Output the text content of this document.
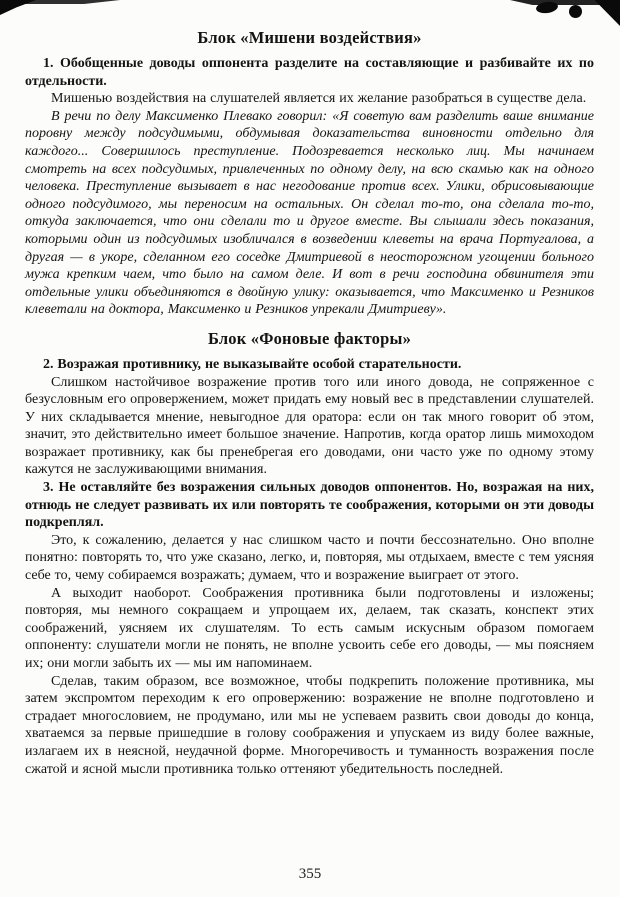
Блок «Мишени воздействия»

1. Обобщенные доводы оппонента разделите на составляющие и разбивайте их по отдельности.

Мишенью воздействия на слушателей является их желание разобраться в существе дела.

В речи по делу Максименко Плевако говорил: «Я советую вам разделить ваше внимание поровну между подсудимыми, обдумывая доказательства виновности отдельно для каждого... Совершилось преступление. Подозревается несколько лиц. Мы начинаем смотреть на всех подсудимых, привлеченных по одному делу, на всю скамью как на одного человека. Преступление вызывает в нас негодование против всех. Улики, обрисовывающие одного подсудимого, мы переносим на остальных. Он сделал то-то, она сделала то-то, откуда заключается, что они сделали то и другое вместе. Вы слышали здесь показания, которыми один из подсудимых изобличался в возведении клеветы на врача Португалова, а другая — в укоре, сделанном его соседке Дмитриевой в неосторожном угощении больного мужа крепким чаем, что было на самом деле. И вот в речи господина обвинителя эти отдельные улики объединяются в двойную улику: оказывается, что Максименко и Резников клеветали на доктора, Максименко и Резников упрекали Дмитриеву».

Блок «Фоновые факторы»

2. Возражая противнику, не выказывайте особой старательности.

Слишком настойчивое возражение против того или иного довода, не сопряженное с безусловным его опровержением, может придать ему новый вес в представлении слушателей. У них складывается мнение, невыгодное для оратора: если он так много говорит об этом, значит, это действительно имеет большое значение. Напротив, когда оратор лишь мимоходом возражает противнику, как бы пренебрегая его доводами, они часто уже по одному этому кажутся не заслуживающими внимания.

3. Не оставляйте без возражения сильных доводов оппонентов. Но, возражая на них, отнюдь не следует развивать их или повторять те соображения, которыми он эти доводы подкреплял.

Это, к сожалению, делается у нас слишком часто и почти бессознательно. Оно вполне понятно: повторять то, что уже сказано, легко, и, повторяя, мы отдыхаем, вместе с тем уясняя себе то, чему собираемся возражать; думаем, что и возражение выиграет от этого.

А выходит наоборот. Соображения противника были подготовлены и изложены; повторяя, мы немного сокращаем и упрощаем их, делаем, так сказать, конспект этих соображений, уясняем их слушателям. То есть самым искусным образом помогаем оппоненту: слушатели могли не понять, не вполне усвоить себе его доводы, — мы поясняем их; они могли забыть их — мы им напоминаем.

Сделав, таким образом, все возможное, чтобы подкрепить положение противника, мы затем экспромтом переходим к его опровержению: возражение не вполне подготовлено и страдает многословием, не продумано, или мы не успеваем развить свои доводы до конца, хватаемся за первые пришедшие в голову соображения и упускаем из виду более важные, излагаем их в неясной, неудачной форме. Многоречивость и туманность возражения после сжатой и ясной мысли противника только оттеняют убедительность последней.

355
